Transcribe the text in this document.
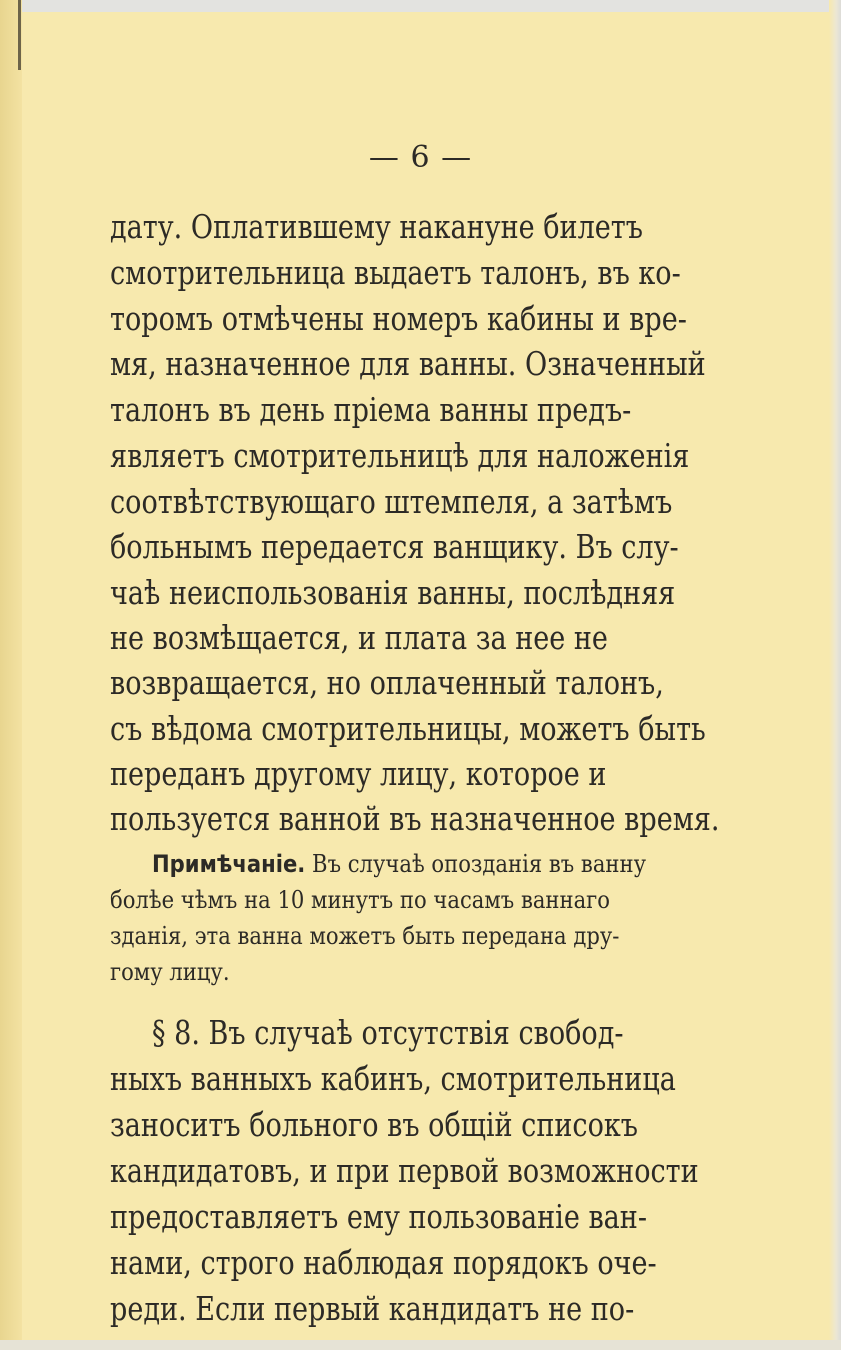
— 6 —
дату. Оплатившему накануне билетъ
смотрительница выдаетъ талонъ, въ ко-
торомъ отмѣчены номеръ кабины и вре-
мя, назначенное для ванны. Означенный
талонъ въ день пріема ванны предъ-
являетъ смотрительницѣ для наложенія
соотвѣтствующаго штемпеля, а затѣмъ
больнымъ передается ванщику. Въ слу-
чаѣ неиспользованія ванны, послѣдняя
не возмѣщается, и плата за нее не
возвращается, но оплаченный талонъ,
съ вѣдома смотрительницы, можетъ быть
переданъ другому лицу, которое и
пользуется ванной въ назначенное время.
Примѣчаніе. Въ случаѣ опозданія въ ванну
болѣе чѣмъ на 10 минутъ по часамъ ваннаго
зданія, эта ванна можетъ быть передана дру-
гому лицу.
§ 8. Въ случаѣ отсутствія свобод-
ныхъ ванныхъ кабинъ, смотрительница
заноситъ больного въ общій списокъ
кандидатовъ, и при первой возможности
предоставляетъ ему пользованіе ван-
нами, строго наблюдая порядокъ оче-
реди. Если первый кандидатъ не по-
